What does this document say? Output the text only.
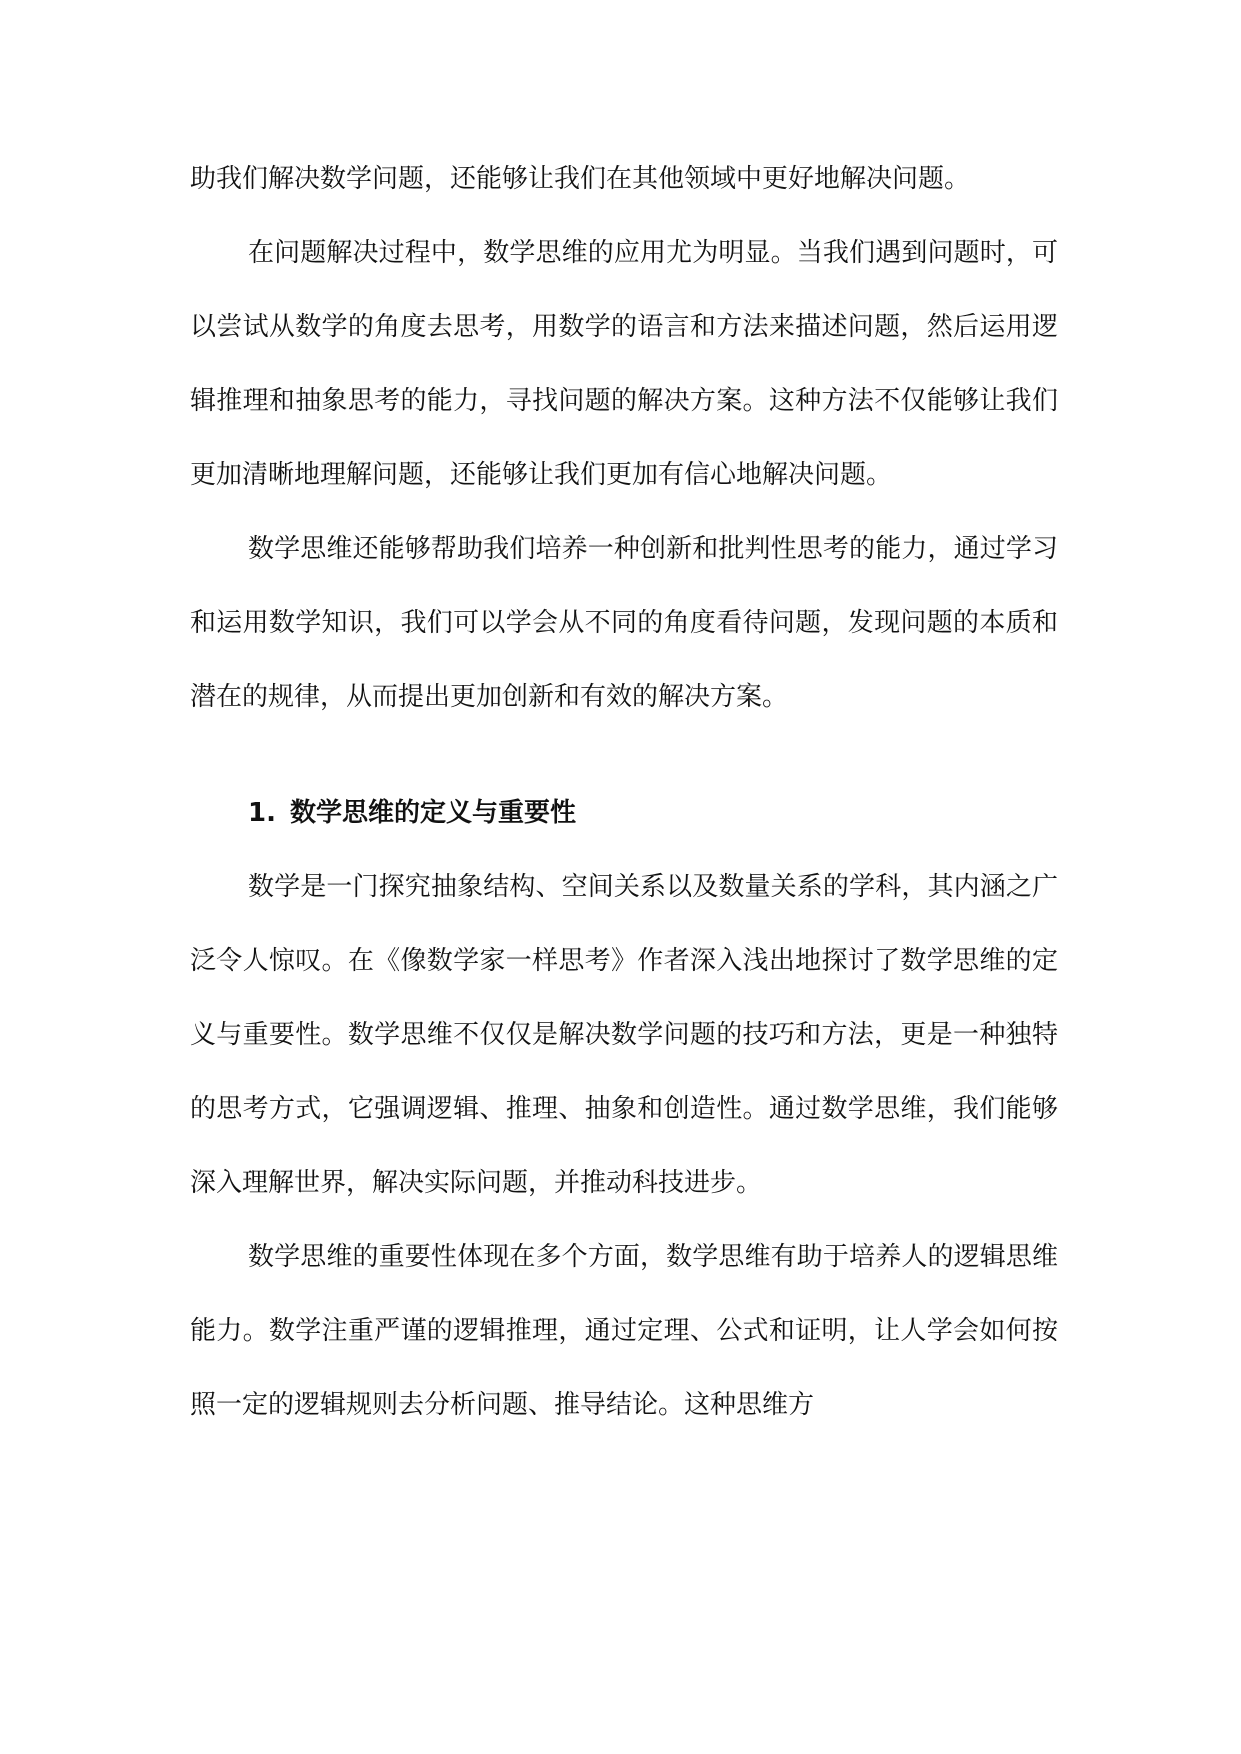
助我们解决数学问题，还能够让我们在其他领域中更好地解决问题。

在问题解决过程中，数学思维的应用尤为明显。当我们遇到问题时，可以尝试从数学的角度去思考，用数学的语言和方法来描述问题，然后运用逻辑推理和抽象思考的能力，寻找问题的解决方案。这种方法不仅能够让我们更加清晰地理解问题，还能够让我们更加有信心地解决问题。

数学思维还能够帮助我们培养一种创新和批判性思考的能力，通过学习和运用数学知识，我们可以学会从不同的角度看待问题，发现问题的本质和潜在的规律，从而提出更加创新和有效的解决方案。

1. 数学思维的定义与重要性

数学是一门探究抽象结构、空间关系以及数量关系的学科，其内涵之广泛令人惊叹。在《像数学家一样思考》作者深入浅出地探讨了数学思维的定义与重要性。数学思维不仅仅是解决数学问题的技巧和方法，更是一种独特的思考方式，它强调逻辑、推理、抽象和创造性。通过数学思维，我们能够深入理解世界，解决实际问题，并推动科技进步。

数学思维的重要性体现在多个方面，数学思维有助于培养人的逻辑思维能力。数学注重严谨的逻辑推理，通过定理、公式和证明，让人学会如何按照一定的逻辑规则去分析问题、推导结论。这种思维方
